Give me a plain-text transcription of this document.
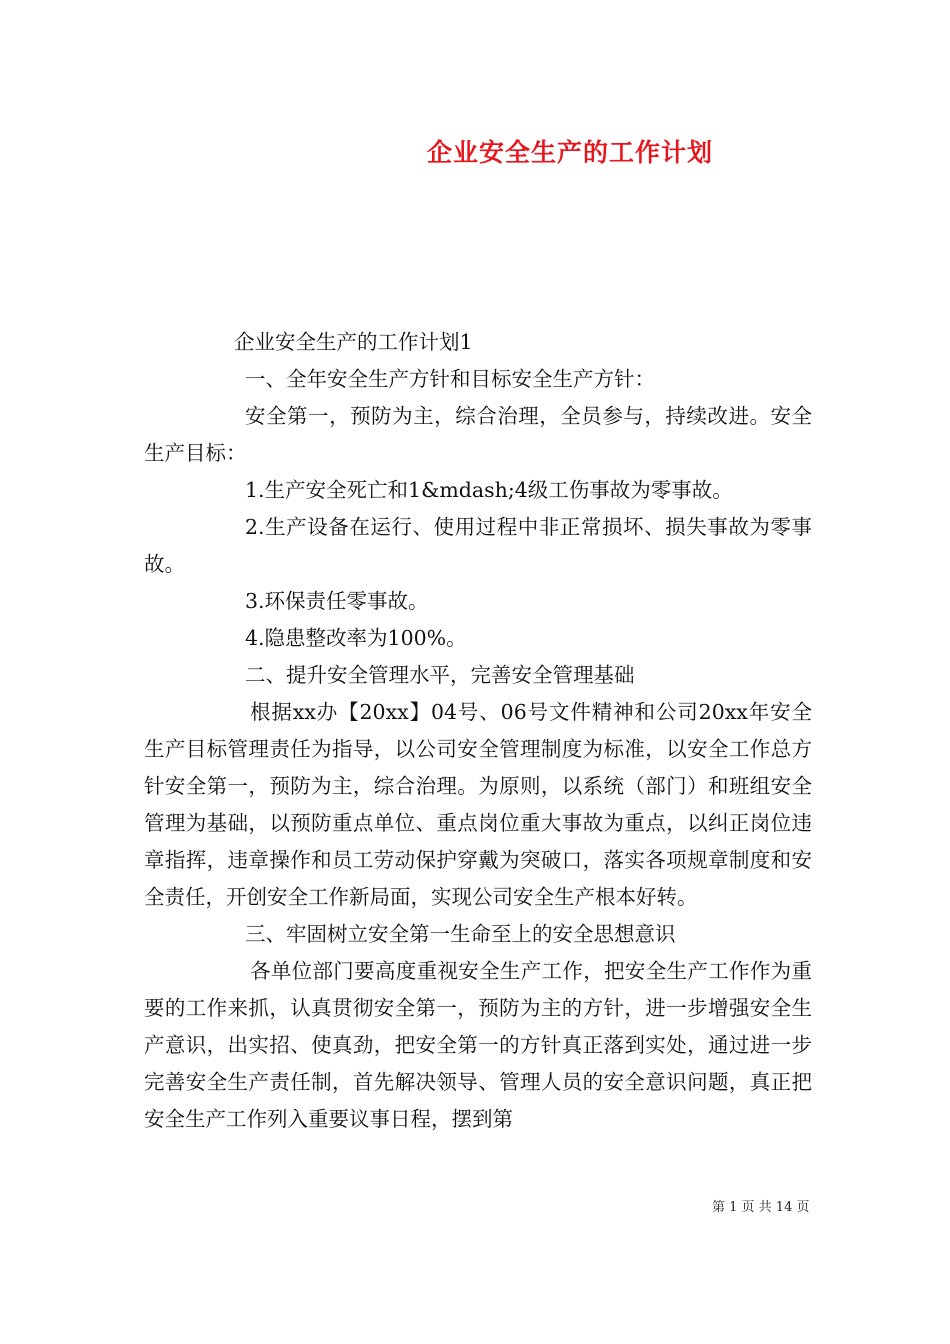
企业安全生产的工作计划

企业安全生产的工作计划1

一、全年安全生产方针和目标安全生产方针：

安全第一，预防为主，综合治理，全员参与，持续改进。安全生产目标：

1.生产安全死亡和1&mdash;4级工伤事故为零事故。

2.生产设备在运行、使用过程中非正常损坏、损失事故为零事故。

3.环保责任零事故。

4.隐患整改率为100%。

二、提升安全管理水平，完善安全管理基础

根据xx办【20xx】04号、06号文件精神和公司20xx年安全生产目标管理责任为指导，以公司安全管理制度为标准，以安全工作总方针安全第一，预防为主，综合治理。为原则，以系统（部门）和班组安全管理为基础，以预防重点单位、重点岗位重大事故为重点，以纠正岗位违章指挥，违章操作和员工劳动保护穿戴为突破口，落实各项规章制度和安全责任，开创安全工作新局面，实现公司安全生产根本好转。

三、牢固树立安全第一生命至上的安全思想意识

各单位部门要高度重视安全生产工作，把安全生产工作作为重要的工作来抓，认真贯彻安全第一，预防为主的方针，进一步增强安全生产意识，出实招、使真劲，把安全第一的方针真正落到实处，通过进一步完善安全生产责任制，首先解决领导、管理人员的安全意识问题，真正把安全生产工作列入重要议事日程，摆到第

第 1 页 共 14 页
